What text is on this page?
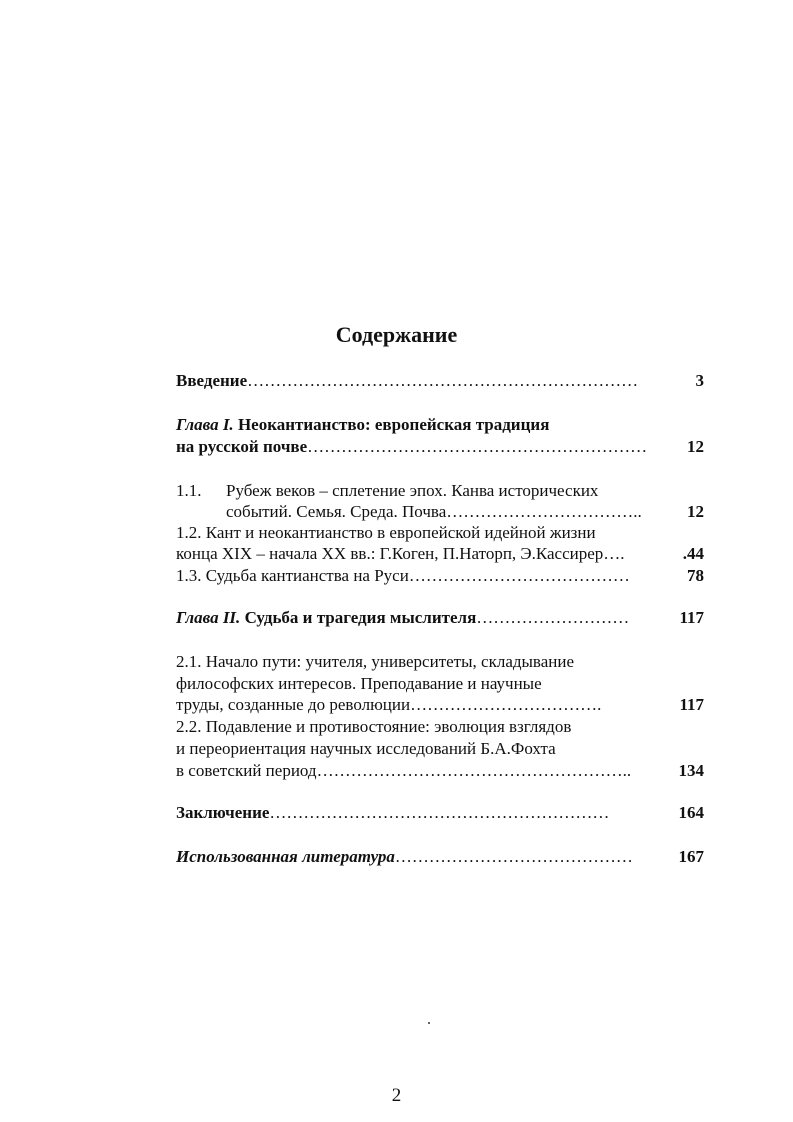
Содержание
Введение……………………………………………………………	3
Глава I. Неокантианство: европейская традиция
на русской почве…………………………………………………… 12
1.1. Рубеж веков – сплетение эпох. Канва исторических
событий. Семья. Среда. Почва……………………………..	12
1.2. Кант и неокантианство в европейской идейной жизни
конца XIX – начала XX вв.: Г.Коген, П.Наторп, Э.Кассирер….	.44
1.3. Судьба кантианства на Руси…………………………………	78
Глава II. Судьба и трагедия мыслителя………………………	117
2.1. Начало пути: учителя, университеты, складывание
философских интересов. Преподавание и научные
труды, созданные до революции…………………………….	117
2.2. Подавление и противостояние: эволюция взглядов
и переориентация научных исследований Б.А.Фохта
в советский период………………………………………………..	134
Заключение……………………………………………………	164
Использованная литература……………………………………	167
2
